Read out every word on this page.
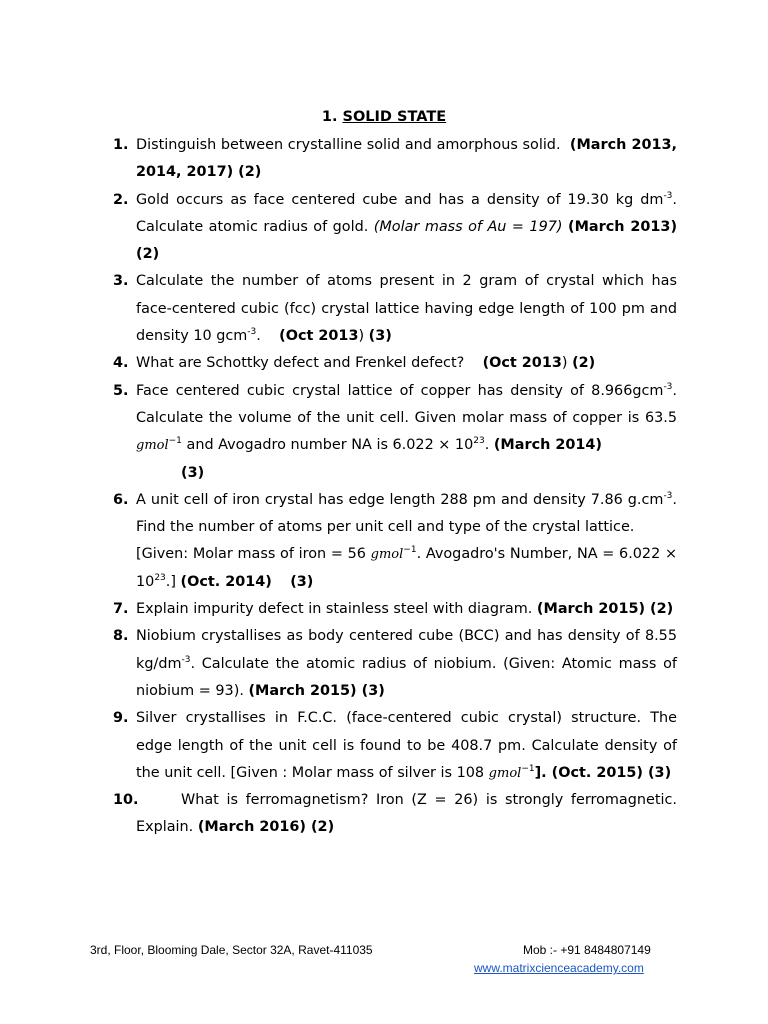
1. SOLID STATE
1. Distinguish between crystalline solid and amorphous solid. (March 2013, 2014, 2017) (2)
2. Gold occurs as face centered cube and has a density of 19.30 kg $dm^{-3}$. Calculate atomic radius of gold. (Molar mass of Au = 197) (March 2013) (2)
3. Calculate the number of atoms present in 2 gram of crystal which has face-centered cubic (fcc) crystal lattice having edge length of 100 pm and density 10 gcm$^{-3}$. (Oct 2013) (3)
4. What are Schottky defect and Frenkel defect? (Oct 2013) (2)
5. Face centered cubic crystal lattice of copper has density of 8.966gcm$^{-3}$. Calculate the volume of the unit cell. Given molar mass of copper is 63.5 gmol$^{-1}$ and Avogadro number NA is $6.022 \times 10^{23}$. (March 2014)
(3)
6. A unit cell of iron crystal has edge length 288 pm and density 7.86 $g.cm^{-3}$. Find the number of atoms per unit cell and type of the crystal lattice.
[Given: Molar mass of iron = 56 gmol$^{-1}$. Avogadro's Number, NA = $6.022 \times 10^{23}$.] (Oct. 2014) (3)
7. Explain impurity defect in stainless steel with diagram. (March 2015) (2)
8. Niobium crystallises as body centered cube (BCC) and has density of 8.55 $kg/dm^{-3}$. Calculate the atomic radius of niobium. (Given: Atomic mass of niobium = 93). (March 2015) (3)
9. Silver crystallises in F.C.C. (face-centered cubic crystal) structure. The edge length of the unit cell is found to be 408.7 pm. Calculate density of the unit cell. [Given : Molar mass of silver is 108 gmol$^{-1}$]. (Oct. 2015) (3)
10.	What is ferromagnetism? Iron (Z = 26) is strongly ferromagnetic. Explain. (March 2016) (2)
3rd, Floor, Blooming Dale, Sector 32A, Ravet-411035	Mob :- +91 8484807149
www.matrixcienceacademy.com
